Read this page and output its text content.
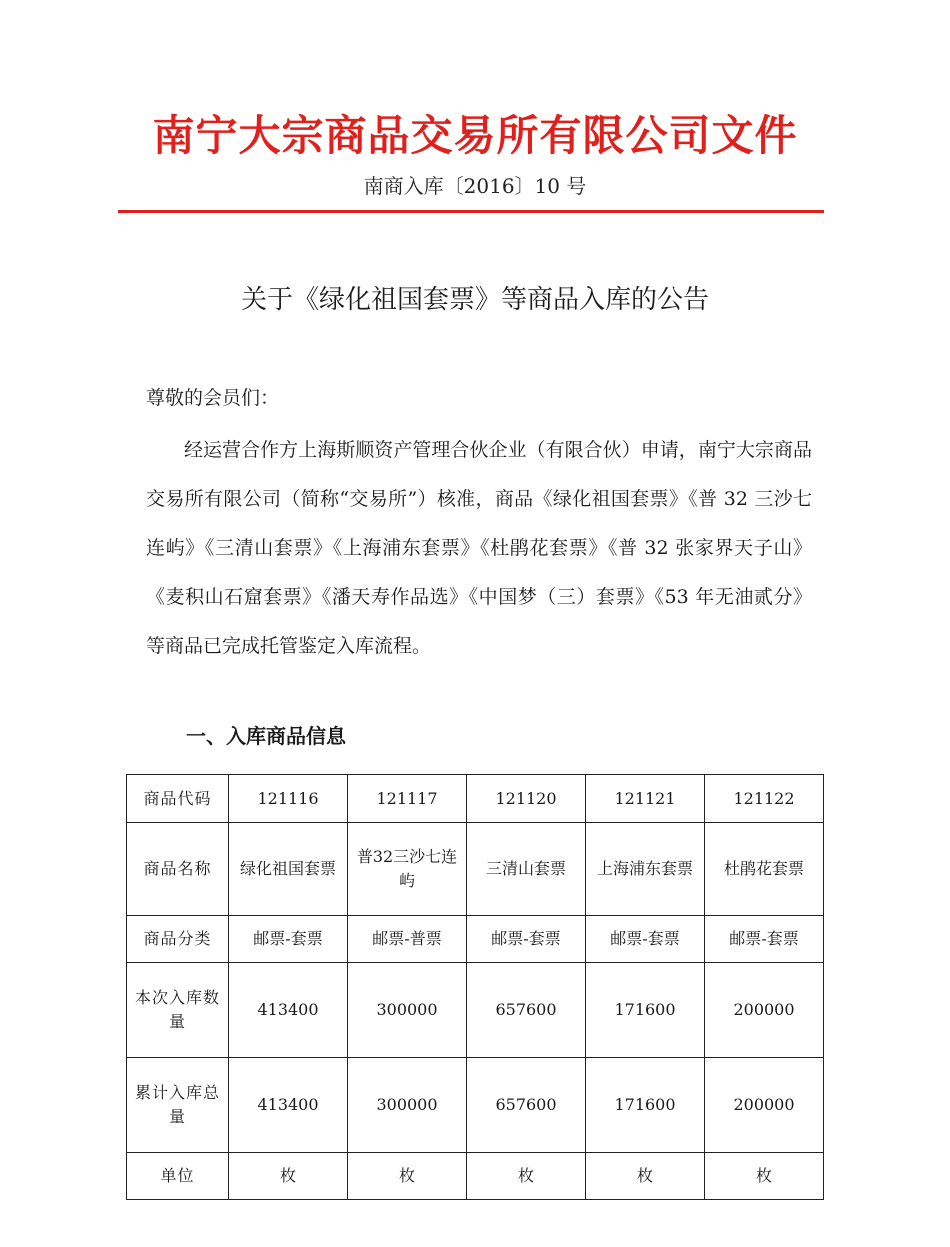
南宁大宗商品交易所有限公司文件
南商入库〔2016〕10 号
关于《绿化祖国套票》等商品入库的公告
尊敬的会员们：

经运营合作方上海斯顺资产管理合伙企业（有限合伙）申请，南宁大宗商品交易所有限公司（简称“交易所”）核准，商品《绿化祖国套票》《普 32 三沙七连屿》《三清山套票》《上海浦东套票》《杜鹃花套票》《普 32 张家界天子山》《麦积山石窟套票》《潘天寿作品选》《中国梦（三）套票》《53 年无油贰分》等商品已完成托管鉴定入库流程。

一、入库商品信息
商品代码	121116	121117	121120	121121	121122
商品名称	绿化祖国套票	普32三沙七连屿	三清山套票	上海浦东套票	杜鹃花套票
商品分类	邮票-套票	邮票-普票	邮票-套票	邮票-套票	邮票-套票
本次入库数量	413400	300000	657600	171600	200000
累计入库总量	413400	300000	657600	171600	200000
单位	枚	枚	枚	枚	枚
